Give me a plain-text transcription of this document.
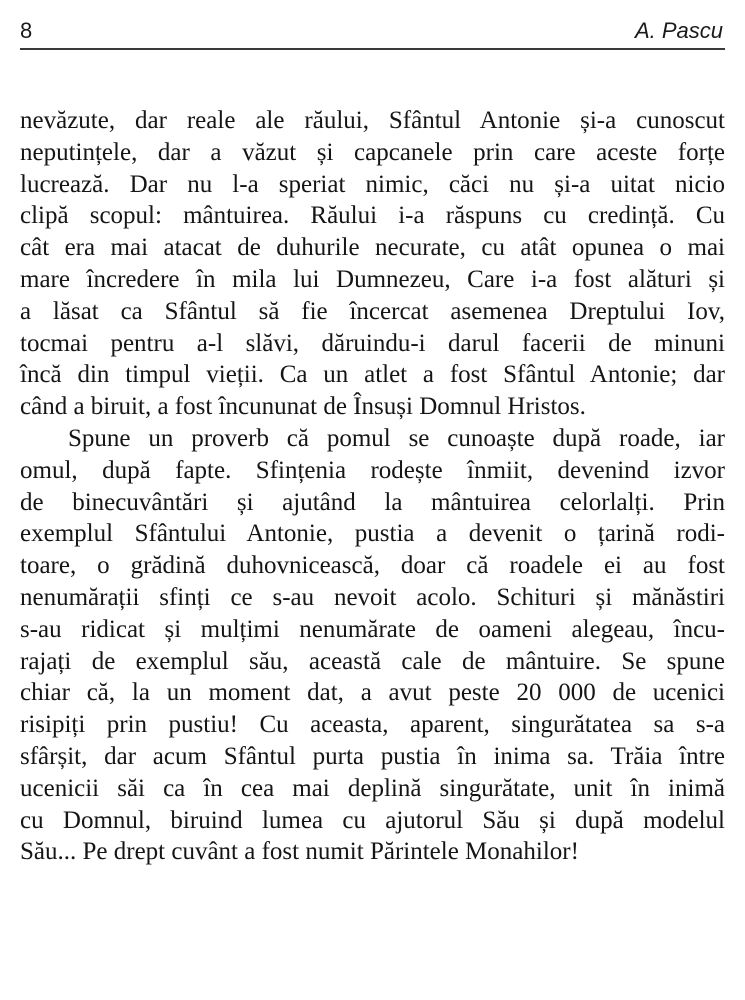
8	A. Pascu

nevăzute, dar reale ale răului, Sfântul Antonie și-a cunoscut
neputințele, dar a văzut și capcanele prin care aceste forțe
lucrează. Dar nu l-a speriat nimic, căci nu și-a uitat nicio
clipă scopul: mântuirea. Răului i-a răspuns cu credință. Cu
cât era mai atacat de duhurile necurate, cu atât opunea o mai
mare încredere în mila lui Dumnezeu, Care i-a fost alături și
a lăsat ca Sfântul să fie încercat asemenea Dreptului Iov,
tocmai pentru a-l slăvi, dăruindu-i darul facerii de minuni
încă din timpul vieții. Ca un atlet a fost Sfântul Antonie; dar
când a biruit, a fost încununat de Însuși Domnul Hristos.

Spune un proverb că pomul se cunoaște după roade, iar
omul, după fapte. Sfințenia rodește înmiit, devenind izvor
de binecuvântări și ajutând la mântuirea celorlalți. Prin
exemplul Sfântului Antonie, pustia a devenit o țarină rodi-
toare, o grădină duhovnicească, doar că roadele ei au fost
nenumărații sfinți ce s-au nevoit acolo. Schituri și mănăstiri
s-au ridicat și mulțimi nenumărate de oameni alegeau, încu-
rajați de exemplul său, această cale de mântuire. Se spune
chiar că, la un moment dat, a avut peste 20 000 de ucenici
risipiți prin pustiu! Cu aceasta, aparent, singurătatea sa s-a
sfârșit, dar acum Sfântul purta pustia în inima sa. Trăia între
ucenicii săi ca în cea mai deplină singurătate, unit în inimă
cu Domnul, biruind lumea cu ajutorul Său și după modelul
Său... Pe drept cuvânt a fost numit Părintele Monahilor!
